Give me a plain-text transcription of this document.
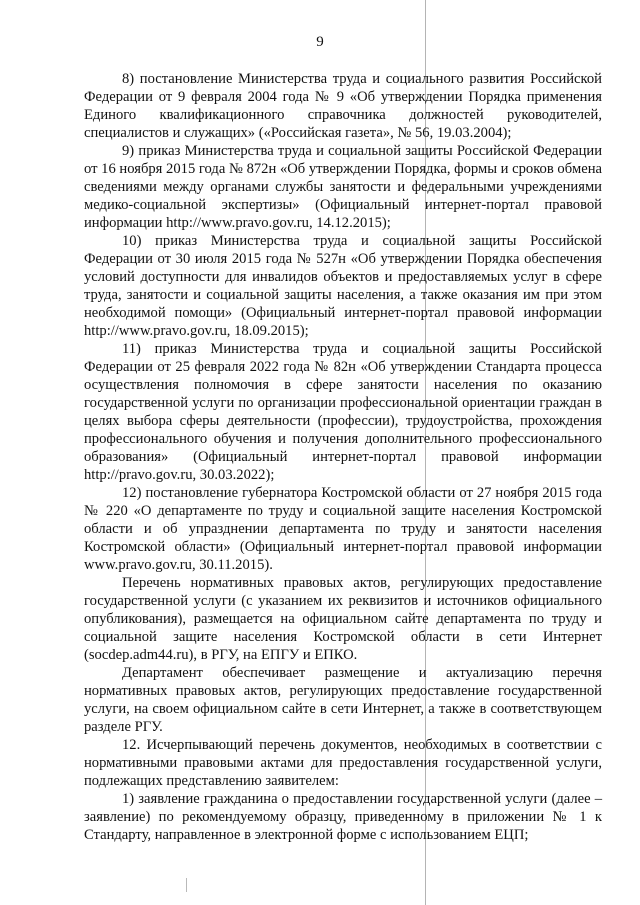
9

8) постановление Министерства труда и социального развития Российской Федерации от 9 февраля 2004 года № 9 «Об утверждении Порядка применения Единого квалификационного справочника должностей руководителей, специалистов и служащих» («Российская газета», № 56, 19.03.2004);

9) приказ Министерства труда и социальной защиты Российской Федерации от 16 ноября 2015 года № 872н «Об утверждении Порядка, формы и сроков обмена сведениями между органами службы занятости и федеральными учреждениями медико-социальной экспертизы» (Официальный интернет-портал правовой информации http://www.pravo.gov.ru, 14.12.2015);

10) приказ Министерства труда и социальной защиты Российской Федерации от 30 июля 2015 года № 527н «Об утверждении Порядка обеспечения условий доступности для инвалидов объектов и предоставляемых услуг в сфере труда, занятости и социальной защиты населения, а также оказания им при этом необходимой помощи» (Официальный интернет-портал правовой информации http://www.pravo.gov.ru, 18.09.2015);

11) приказ Министерства труда и социальной защиты Российской Федерации от 25 февраля 2022 года № 82н «Об утверждении Стандарта процесса осуществления полномочия в сфере занятости населения по оказанию государственной услуги по организации профессиональной ориентации граждан в целях выбора сферы деятельности (профессии), трудоустройства, прохождения профессионального обучения и получения дополнительного профессионального образования» (Официальный интернет-портал правовой информации http://pravo.gov.ru, 30.03.2022);

12) постановление губернатора Костромской области от 27 ноября 2015 года № 220 «О департаменте по труду и социальной защите населения Костромской области и об упразднении департамента по труду и занятости населения Костромской области» (Официальный интернет-портал правовой информации www.pravo.gov.ru, 30.11.2015).

Перечень нормативных правовых актов, регулирующих предоставление государственной услуги (с указанием их реквизитов и источников официального опубликования), размещается на официальном сайте департамента по труду и социальной защите населения Костромской области в сети Интернет (socdep.adm44.ru), в РГУ, на ЕПГУ и ЕПКО.

Департамент обеспечивает размещение и актуализацию перечня нормативных правовых актов, регулирующих предоставление государственной услуги, на своем официальном сайте в сети Интернет, а также в соответствующем разделе РГУ.

12. Исчерпывающий перечень документов, необходимых в соответствии с нормативными правовыми актами для предоставления государственной услуги, подлежащих представлению заявителем:

1) заявление гражданина о предоставлении государственной услуги (далее – заявление) по рекомендуемому образцу, приведенному в приложении № 1 к Стандарту, направленное в электронной форме с использованием ЕЦП;
